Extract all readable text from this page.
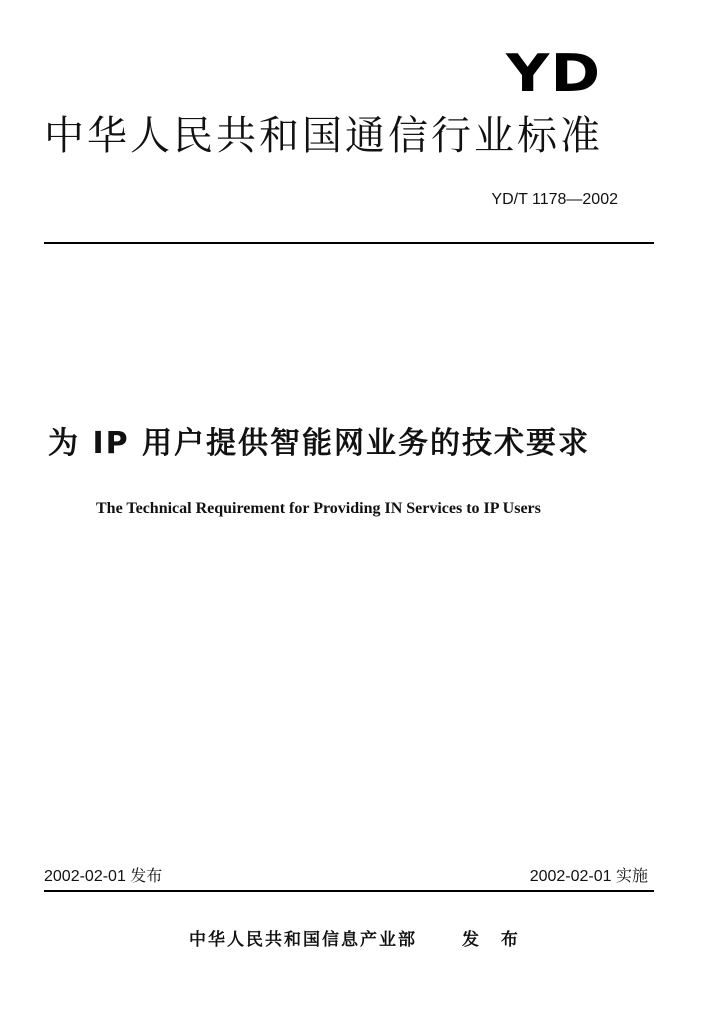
YD
中华人民共和国通信行业标准
YD/T 1178—2002
为 IP 用户提供智能网业务的技术要求
The Technical Requirement for Providing IN Services to IP Users
2002-02-01 发布	2002-02-01 实施
中华人民共和国信息产业部	发 布
